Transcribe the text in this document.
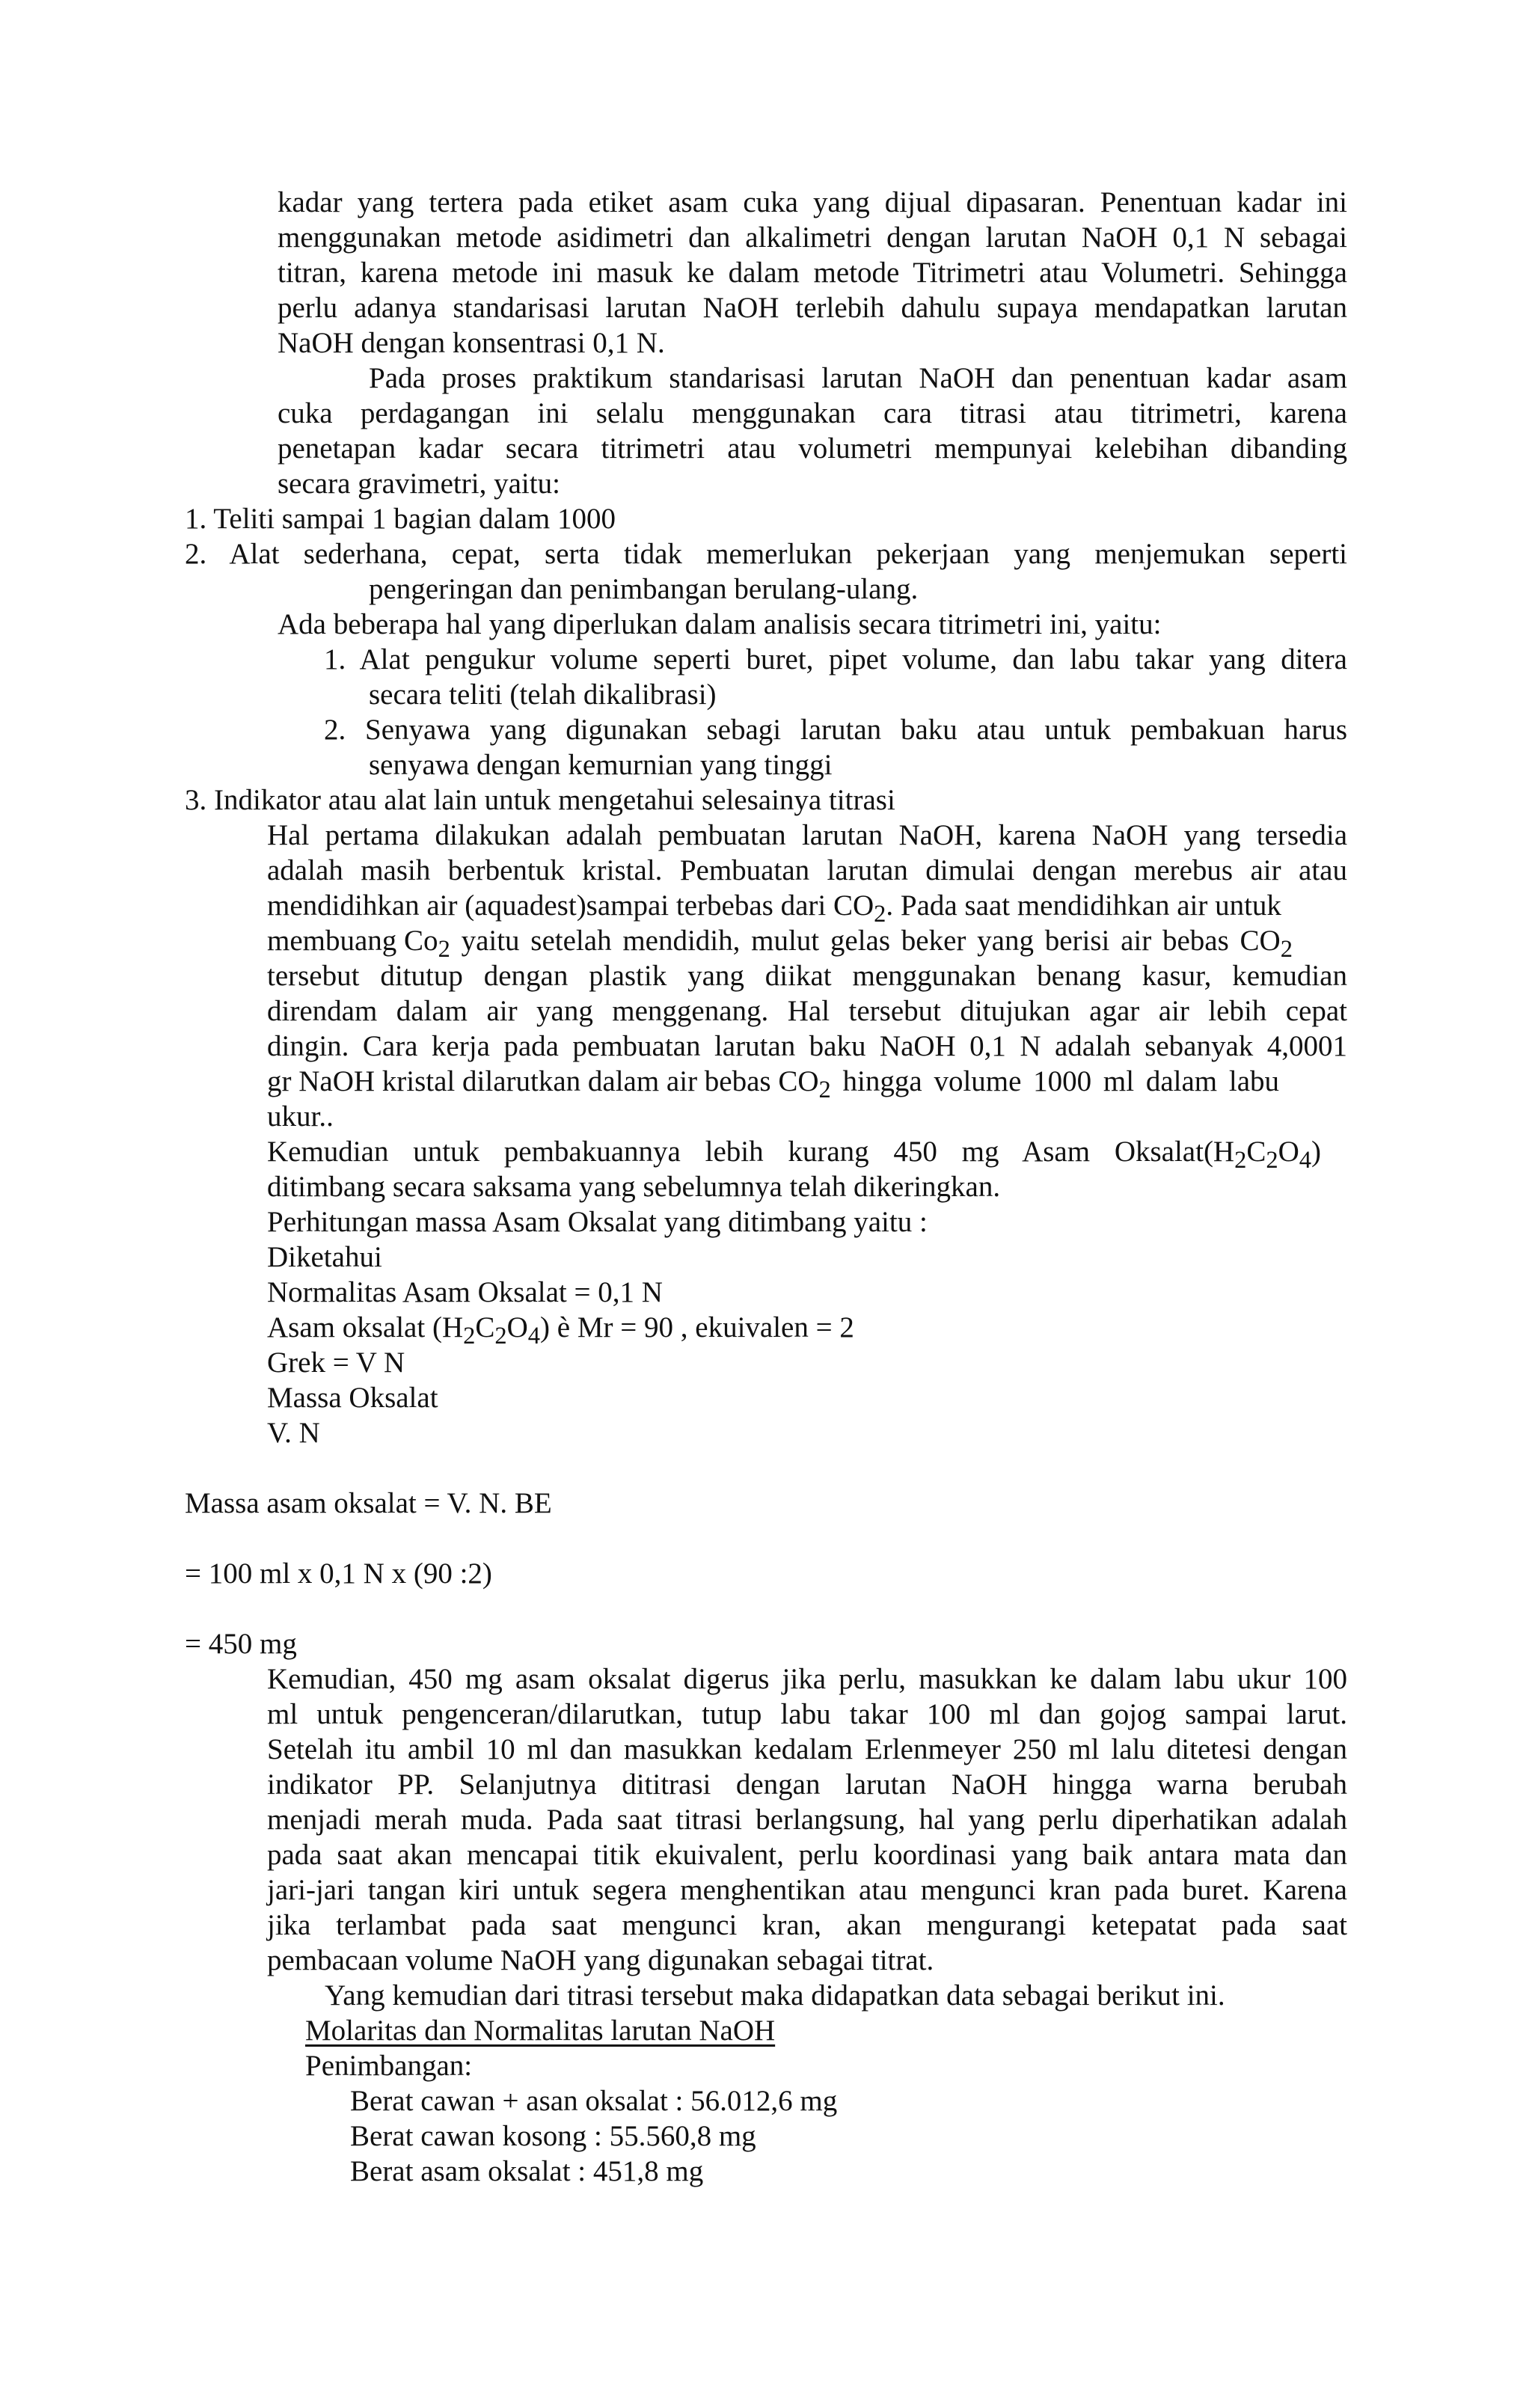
kadar yang tertera pada etiket asam cuka yang dijual dipasaran. Penentuan kadar ini
menggunakan metode asidimetri dan alkalimetri dengan larutan NaOH 0,1 N sebagai
titran, karena metode ini masuk ke dalam metode Titrimetri atau Volumetri. Sehingga
perlu adanya standarisasi larutan NaOH terlebih dahulu supaya mendapatkan larutan
NaOH dengan konsentrasi 0,1 N.
Pada proses praktikum standarisasi larutan NaOH dan penentuan kadar asam
cuka perdagangan ini selalu menggunakan cara titrasi atau titrimetri, karena
penetapan kadar secara titrimetri atau volumetri mempunyai kelebihan dibanding
secara gravimetri, yaitu:
1. Teliti sampai 1 bagian dalam 1000
2. Alat sederhana, cepat, serta tidak memerlukan pekerjaan yang menjemukan seperti
pengeringan dan penimbangan berulang-ulang.
Ada beberapa hal yang diperlukan dalam analisis secara titrimetri ini, yaitu:
1. Alat pengukur volume seperti buret, pipet volume, dan labu takar yang ditera
secara teliti (telah dikalibrasi)
2. Senyawa yang digunakan sebagi larutan baku atau untuk pembakuan harus
senyawa dengan kemurnian yang tinggi
3. Indikator atau alat lain untuk mengetahui selesainya titrasi
Hal pertama dilakukan adalah pembuatan larutan NaOH, karena NaOH yang tersedia
adalah masih berbentuk kristal. Pembuatan larutan dimulai dengan merebus air atau
mendidihkan air (aquadest)sampai terbebas dari $CO_2$. Pada saat mendidihkan air untuk
membuang $Co_2$ yaitu setelah mendidih, mulut gelas beker yang berisi air bebas $CO_2$
tersebut ditutup dengan plastik yang diikat menggunakan benang kasur, kemudian
direndam dalam air yang menggenang. Hal tersebut ditujukan agar air lebih cepat
dingin. Cara kerja pada pembuatan larutan baku NaOH 0,1 N adalah sebanyak 4,0001
gr NaOH kristal dilarutkan dalam air bebas $CO_2$ hingga volume 1000 ml dalam labu
ukur..
Kemudian untuk pembakuannya lebih kurang 450 mg Asam $Oksalat(H_2C_2O_4)$
ditimbang secara saksama yang sebelumnya telah dikeringkan.
Perhitungan massa Asam Oksalat yang ditimbang yaitu :
Diketahui
Normalitas Asam Oksalat = 0,1 N
Asam oksalat $(H_2C_2O_4)$ è Mr = 90 , ekuivalen = 2
Grek = V N
Massa Oksalat
V. N
Massa asam oksalat = V. N. BE
= 100 ml x 0,1 N x (90 :2)
= 450 mg
Kemudian, 450 mg asam oksalat digerus jika perlu, masukkan ke dalam labu ukur 100
ml untuk pengenceran/dilarutkan, tutup labu takar 100 ml dan gojog sampai larut.
Setelah itu ambil 10 ml dan masukkan kedalam Erlenmeyer 250 ml lalu ditetesi dengan
indikator PP. Selanjutnya dititrasi dengan larutan NaOH hingga warna berubah
menjadi merah muda. Pada saat titrasi berlangsung, hal yang perlu diperhatikan adalah
pada saat akan mencapai titik ekuivalent, perlu koordinasi yang baik antara mata dan
jari-jari tangan kiri untuk segera menghentikan atau mengunci kran pada buret. Karena
jika terlambat pada saat mengunci kran, akan mengurangi ketepatat pada saat
pembacaan volume NaOH yang digunakan sebagai titrat.
Yang kemudian dari titrasi tersebut maka didapatkan data sebagai berikut ini.
Molaritas dan Normalitas larutan NaOH
Penimbangan:
Berat cawan + asan oksalat : 56.012,6 mg
Berat cawan kosong : 55.560,8 mg
Berat asam oksalat : 451,8 mg
